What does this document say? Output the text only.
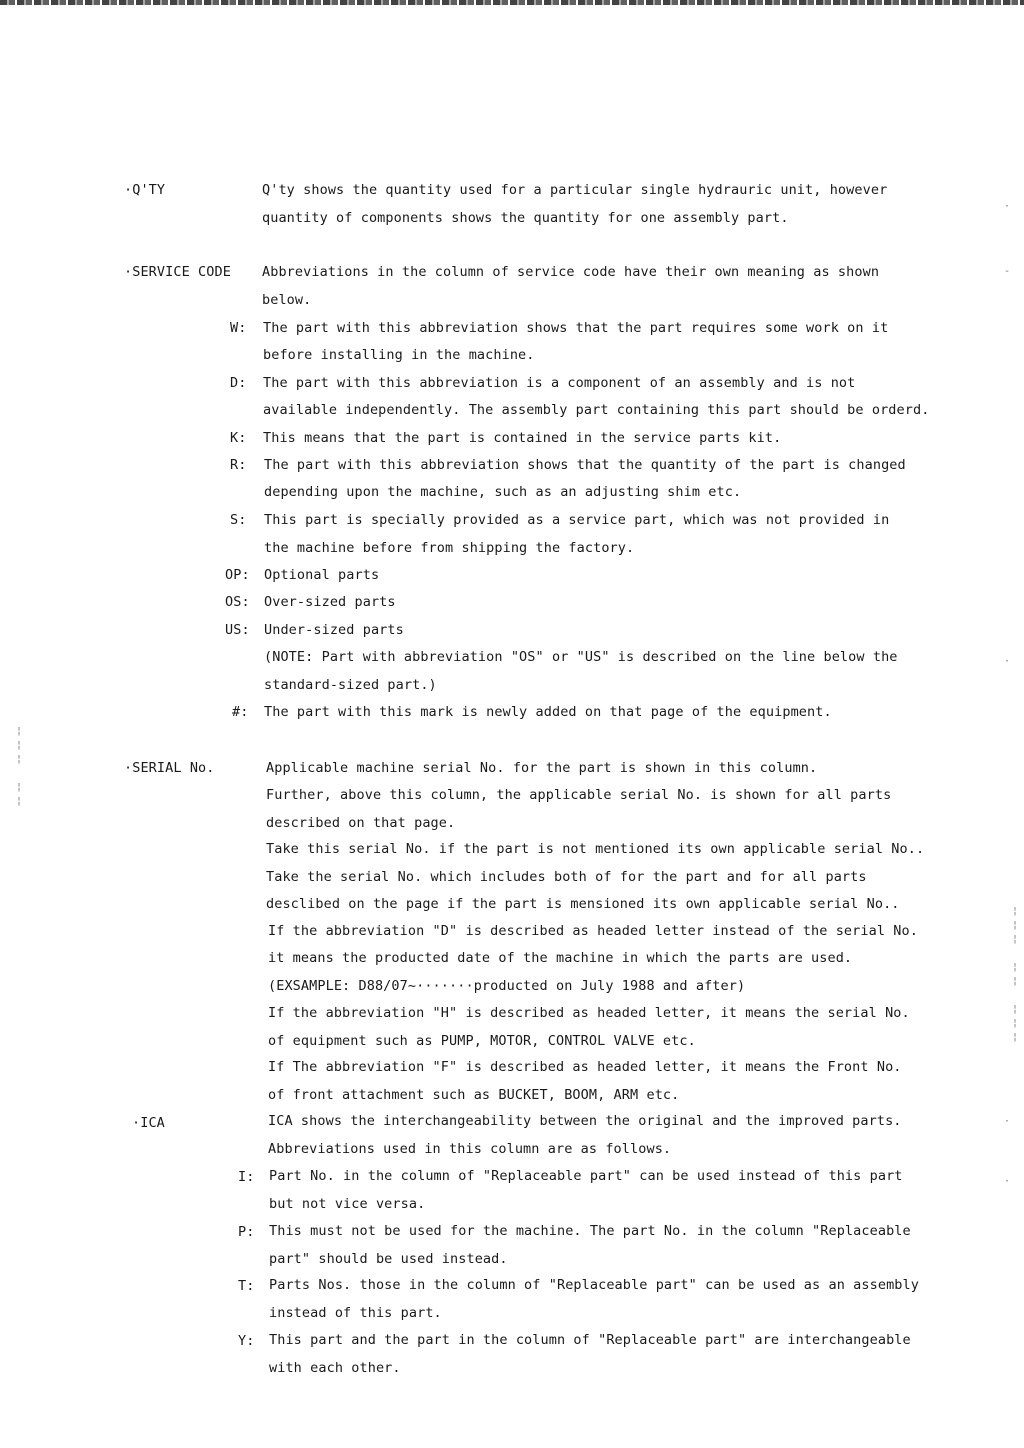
·Q'TY	Q'ty shows the quantity used for a particular single hydrauric unit, however
quantity of components shows the quantity for one assembly part.
·SERVICE CODE Abbreviations in the column of service code have their own meaning as shown
below.
W: The part with this abbreviation shows that the part requires some work on it
before installing in the machine.
D: The part with this abbreviation is a component of an assembly and is not
available independently. The assembly part containing this part should be orderd.
K: This means that the part is contained in the service parts kit.
R: The part with this abbreviation shows that the quantity of the part is changed
depending upon the machine, such as an adjusting shim etc.
S: This part is specially provided as a service part, which was not provided in
the machine before from shipping the factory.
OP: Optional parts
OS: Over-sized parts
US: Under-sized parts
(NOTE: Part with abbreviation "OS" or "US" is described on the line below the
standard-sized part.)
#: The part with this mark is newly added on that page of the equipment.
·SERIAL No.	Applicable machine serial No. for the part is shown in this column.
Further, above this column, the applicable serial No. is shown for all parts
described on that page.
Take this serial No. if the part is not mentioned its own applicable serial No..
Take the serial No. which includes both of for the part and for all parts
desclibed on the page if the part is mensioned its own applicable serial No..
If the abbreviation "D" is described as headed letter instead of the serial No.
it means the producted date of the machine in which the parts are used.
(EXSAMPLE: D88/07~·······producted on July 1988 and after)
If the abbreviation "H" is described as headed letter, it means the serial No.
of equipment such as PUMP, MOTOR, CONTROL VALVE etc.
If The abbreviation "F" is described as headed letter, it means the Front No.
of front attachment such as BUCKET, BOOM, ARM etc.
·ICA	ICA shows the interchangeability between the original and the improved parts.
Abbreviations used in this column are as follows.
I: Part No. in the column of "Replaceable part" can be used instead of this part
but not vice versa.
P: This must not be used for the machine. The part No. in the column "Replaceable
part" should be used instead.
T: Parts Nos. those in the column of "Replaceable part" can be used as an assembly
instead of this part.
Y: This part and the part in the column of "Replaceable part" are interchangeable
with each other.
¦
¦
¦

¦
¦
¦
¦
¦

¦
¦

¦
¦
¦
·
-
·
·
·
